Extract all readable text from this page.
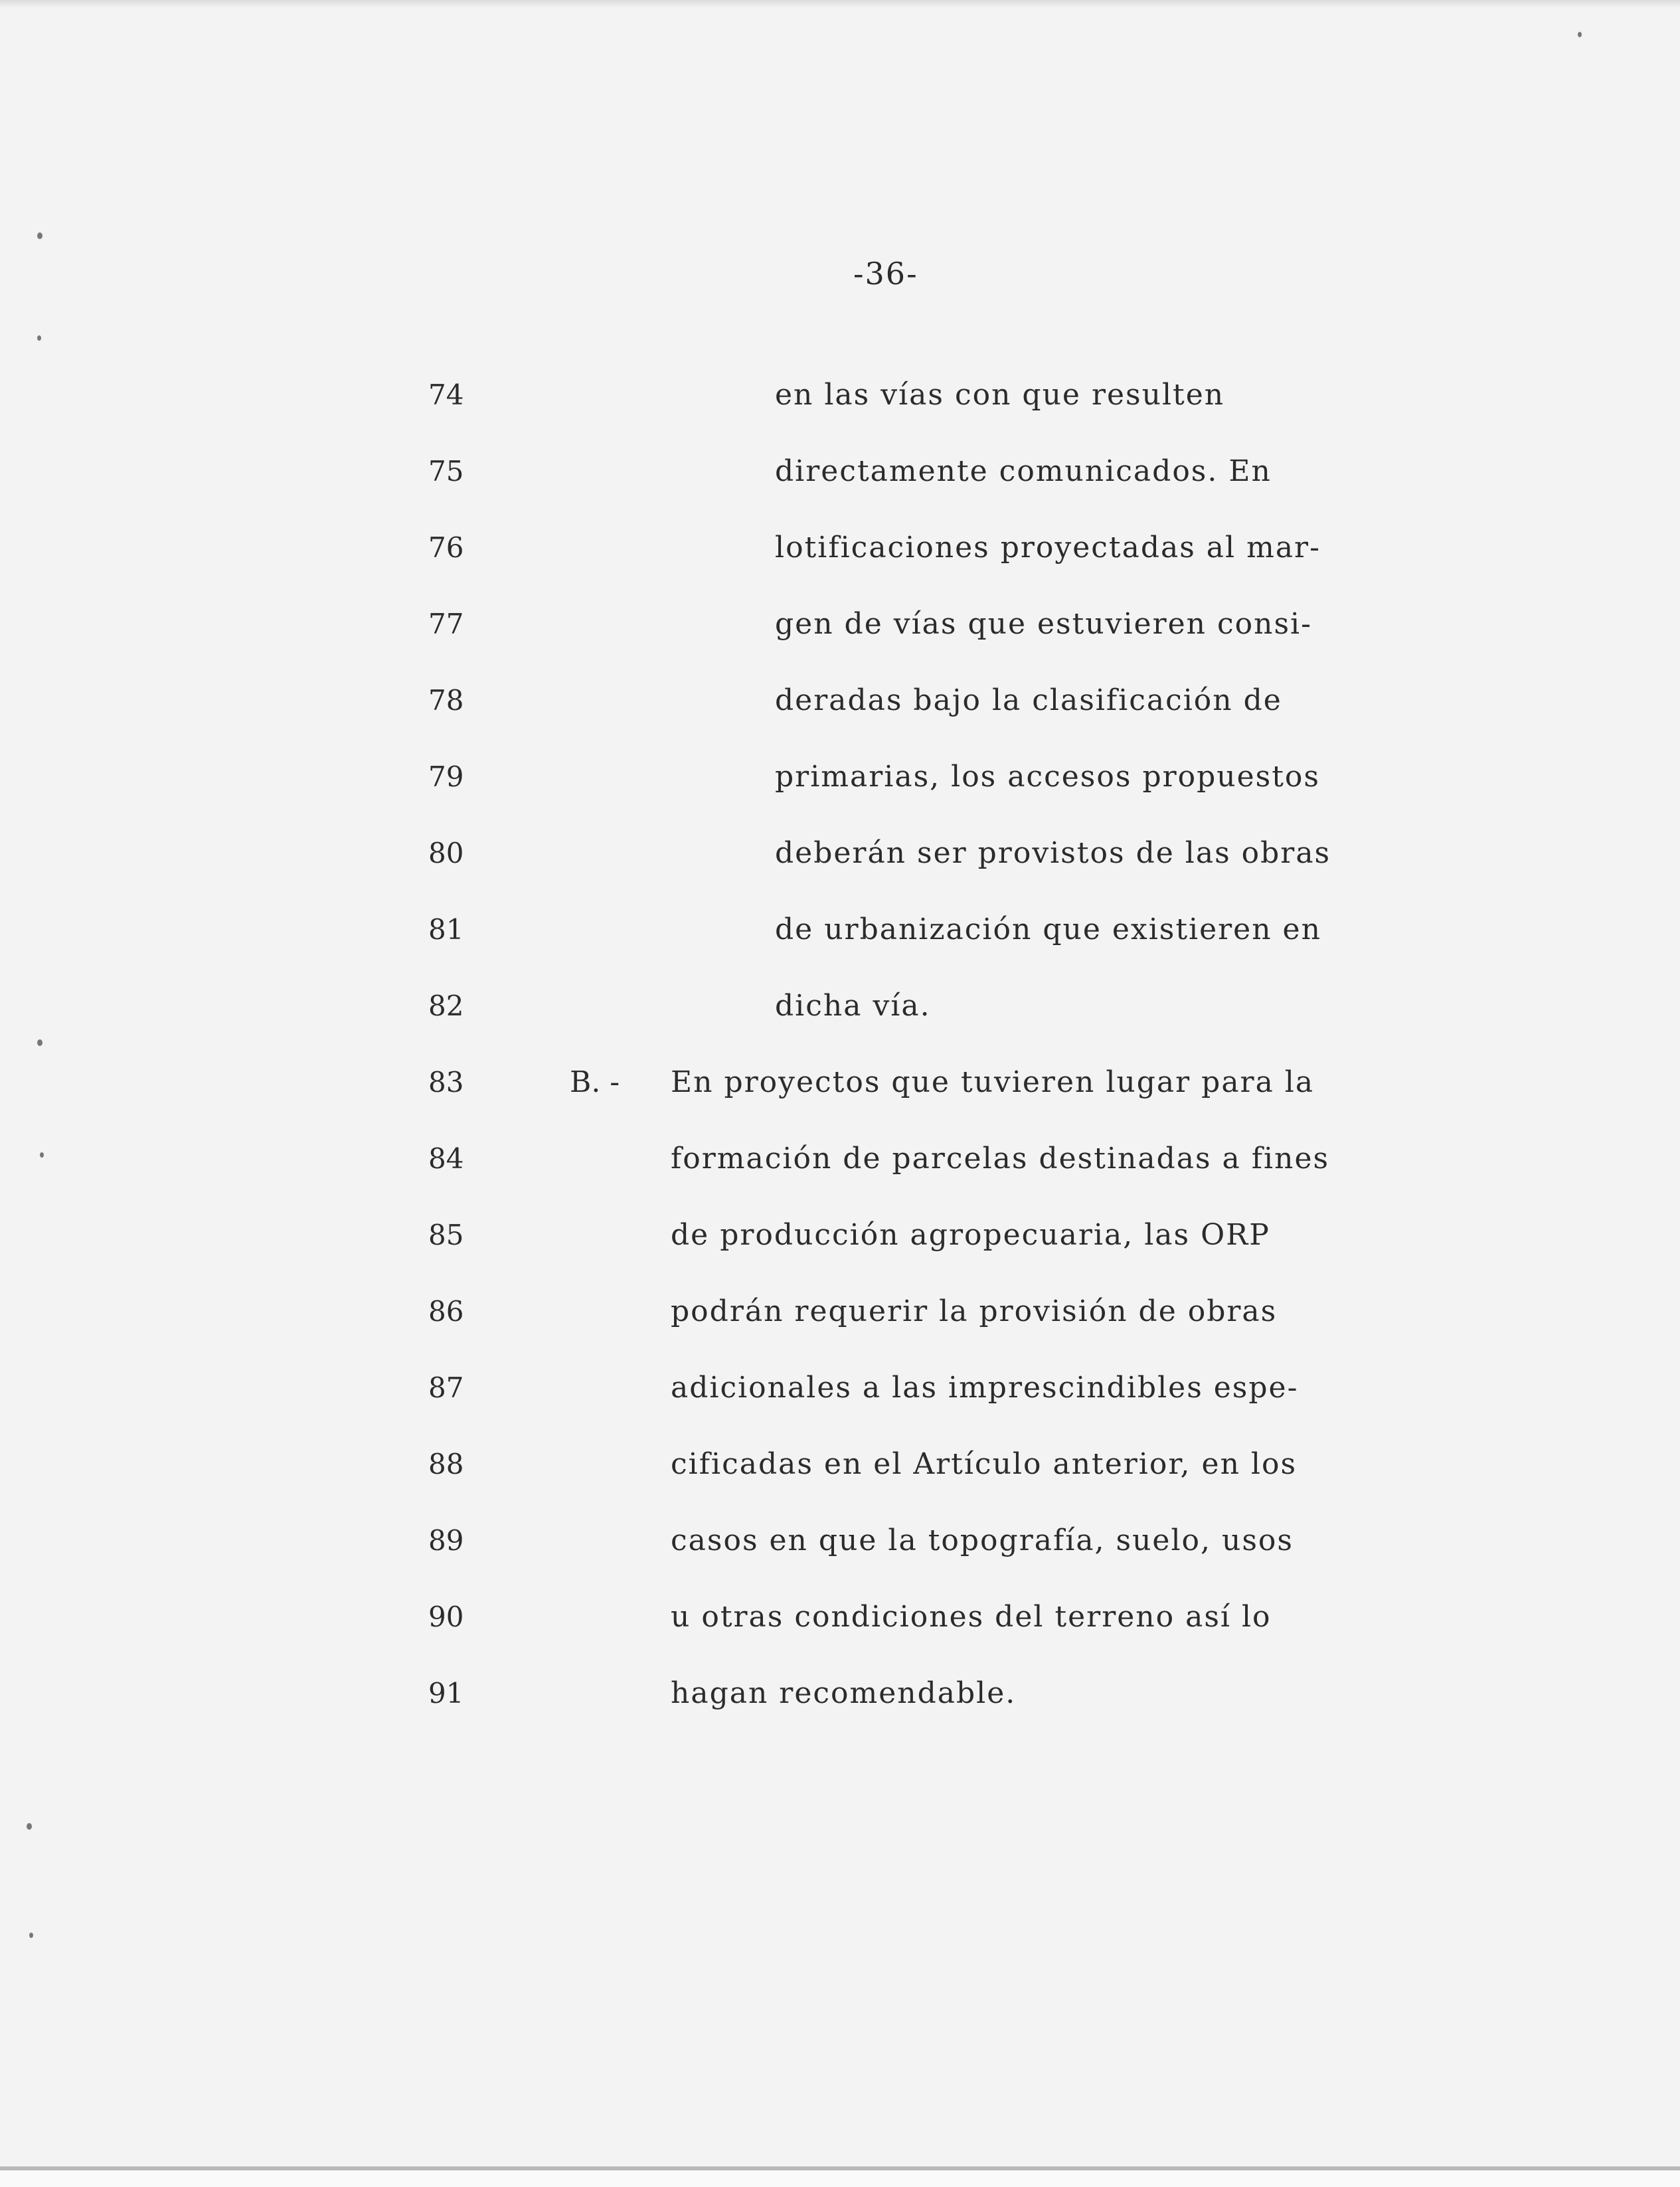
-36-
74
75
76
77
78
79
80
81
82
83
84
85
86
87
88
89
90
91
en las vías con que resulten
directamente comunicados. En
lotificaciones proyectadas al mar-
gen de vías que estuvieren consi-
deradas bajo la clasificación de
primarias, los accesos propuestos
deberán ser provistos de las obras
de urbanización que existieren en
dicha vía.
B. - En proyectos que tuvieren lugar para la
formación de parcelas destinadas a fines
de producción agropecuaria, las ORP
podrán requerir la provisión de obras
adicionales a las imprescindibles espe-
cificadas en el Artículo anterior, en los
casos en que la topografía, suelo, usos
u otras condiciones del terreno así lo
hagan recomendable.
